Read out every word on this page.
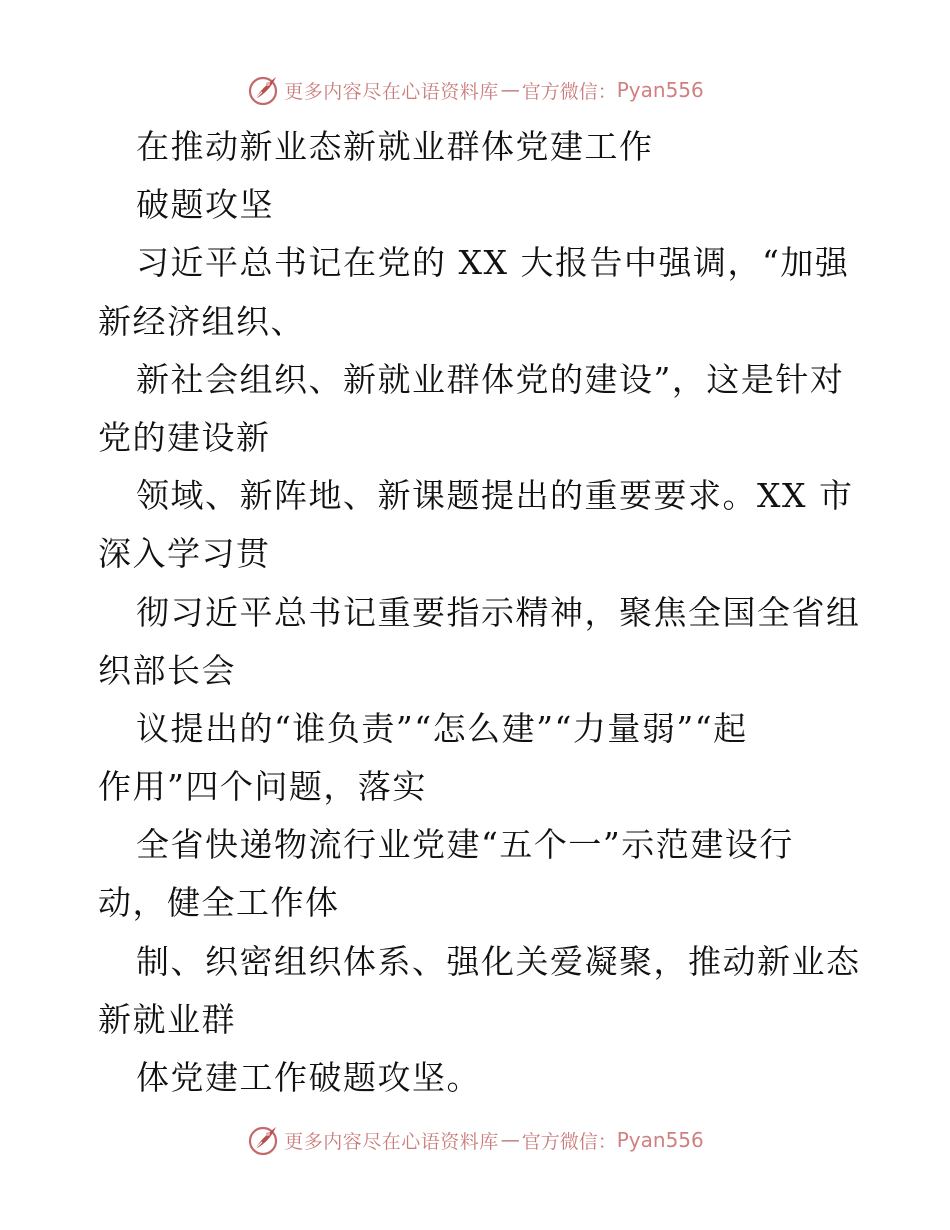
更多内容尽在心语资料库 — 官方微信： Pyan556
在推动新业态新就业群体党建工作
破题攻坚
习近平总书记在党的 XX 大报告中强调，“加强
新经济组织、
新社会组织、新就业群体党的建设”，这是针对
党的建设新
领域、新阵地、新课题提出的重要要求。XX 市
深入学习贯
彻习近平总书记重要指示精神，聚焦全国全省组
织部长会
议提出的“谁负责”“怎么建”“力量弱”“起
作用”四个问题，落实
全省快递物流行业党建“五个一”示范建设行
动，健全工作体
制、织密组织体系、强化关爱凝聚，推动新业态
新就业群
体党建工作破题攻坚。
更多内容尽在心语资料库 — 官方微信： Pyan556
